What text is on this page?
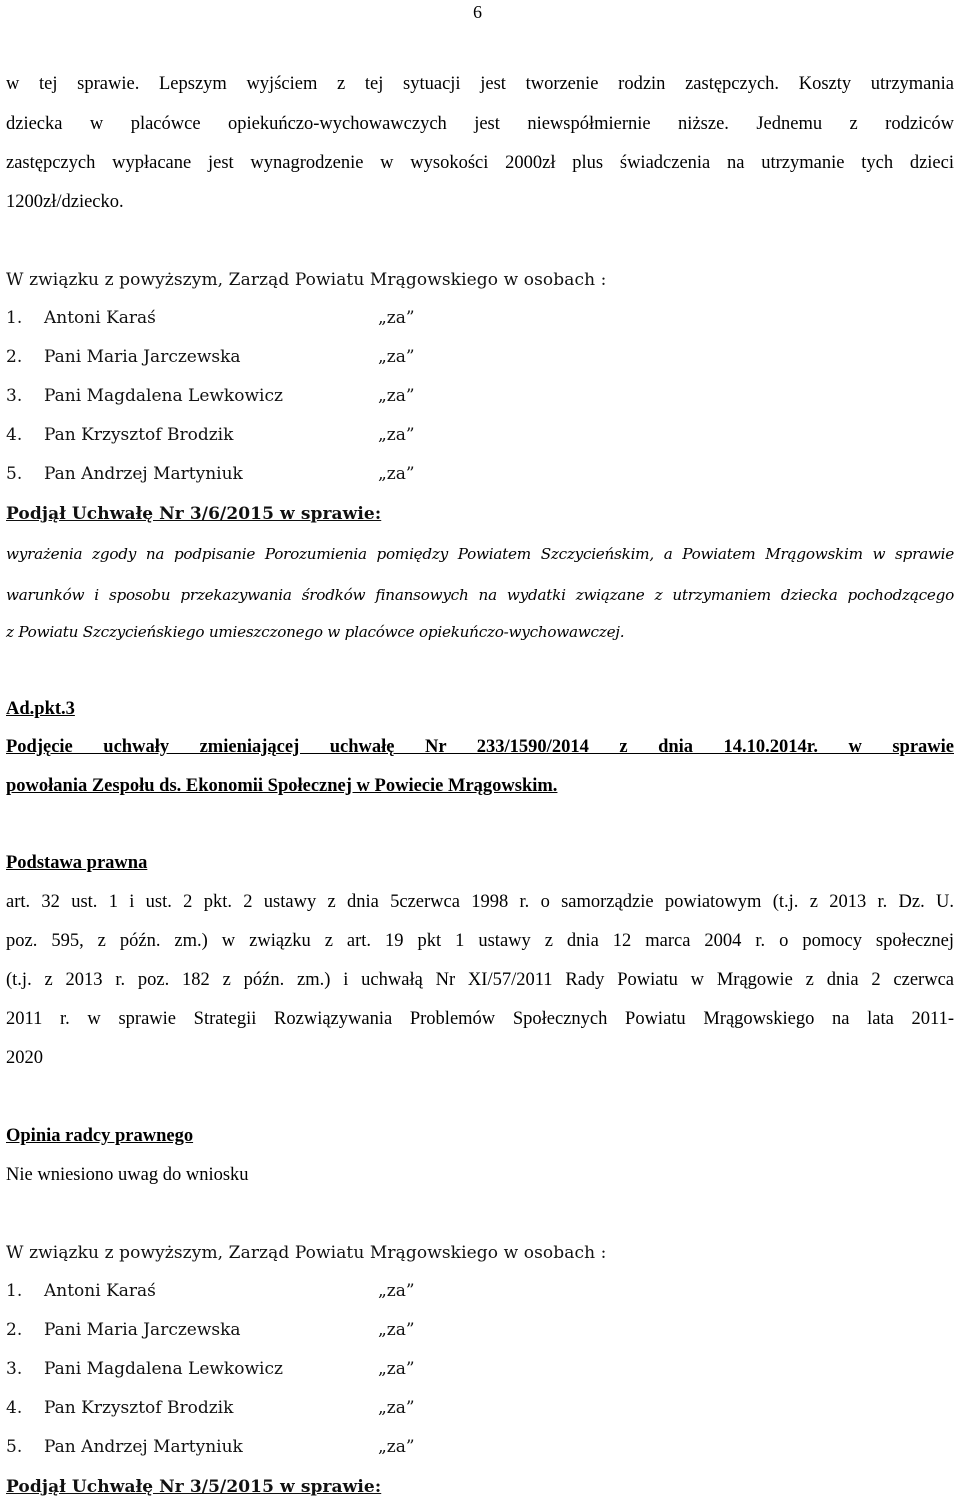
6
w tej sprawie. Lepszym wyjściem z tej sytuacji jest tworzenie rodzin zastępczych. Koszty utrzymania
dziecka w placówce opiekuńczo-wychowawczych jest niewspółmiernie niższe. Jednemu z rodziców
zastępczych wypłacane jest wynagrodzenie w wysokości 2000zł plus świadczenia na utrzymanie tych dzieci
1200zł/dziecko.
W związku z powyższym, Zarząd Powiatu Mrągowskiego w osobach :
1. Antoni Karaś	„za”
2. Pani Maria Jarczewska	„za”
3. Pani Magdalena Lewkowicz	„za”
4. Pan Krzysztof Brodzik	„za”
5. Pan Andrzej Martyniuk	„za”
Podjął Uchwałę Nr 3/6/2015 w sprawie:
wyrażenia zgody na podpisanie Porozumienia pomiędzy Powiatem Szczycieńskim, a Powiatem Mrągowskim w sprawie
warunków i sposobu przekazywania środków finansowych na wydatki związane z utrzymaniem dziecka pochodzącego
z Powiatu Szczycieńskiego umieszczonego w placówce opiekuńczo-wychowawczej.
Ad.pkt.3
Podjęcie uchwały zmieniającej uchwałę Nr 233/1590/2014 z dnia 14.10.2014r. w sprawie
powołania Zespołu ds. Ekonomii Społecznej w Powiecie Mrągowskim.
Podstawa prawna
art. 32 ust. 1 i ust. 2 pkt. 2 ustawy z dnia 5czerwca 1998 r. o samorządzie powiatowym (t.j. z 2013 r. Dz. U.
poz. 595, z późn. zm.) w związku z art. 19 pkt 1 ustawy z dnia 12 marca 2004 r. o pomocy społecznej
(t.j. z 2013 r. poz. 182 z późn. zm.) i uchwałą Nr XI/57/2011 Rady Powiatu w Mrągowie z dnia 2 czerwca
2011 r. w sprawie Strategii Rozwiązywania Problemów Społecznych Powiatu Mrągowskiego na lata 2011-
2020
Opinia radcy prawnego
Nie wniesiono uwag do wniosku
W związku z powyższym, Zarząd Powiatu Mrągowskiego w osobach :
1. Antoni Karaś	„za”
2. Pani Maria Jarczewska	„za”
3. Pani Magdalena Lewkowicz	„za”
4. Pan Krzysztof Brodzik	„za”
5. Pan Andrzej Martyniuk	„za”
Podjął Uchwałę Nr 3/5/2015 w sprawie:
